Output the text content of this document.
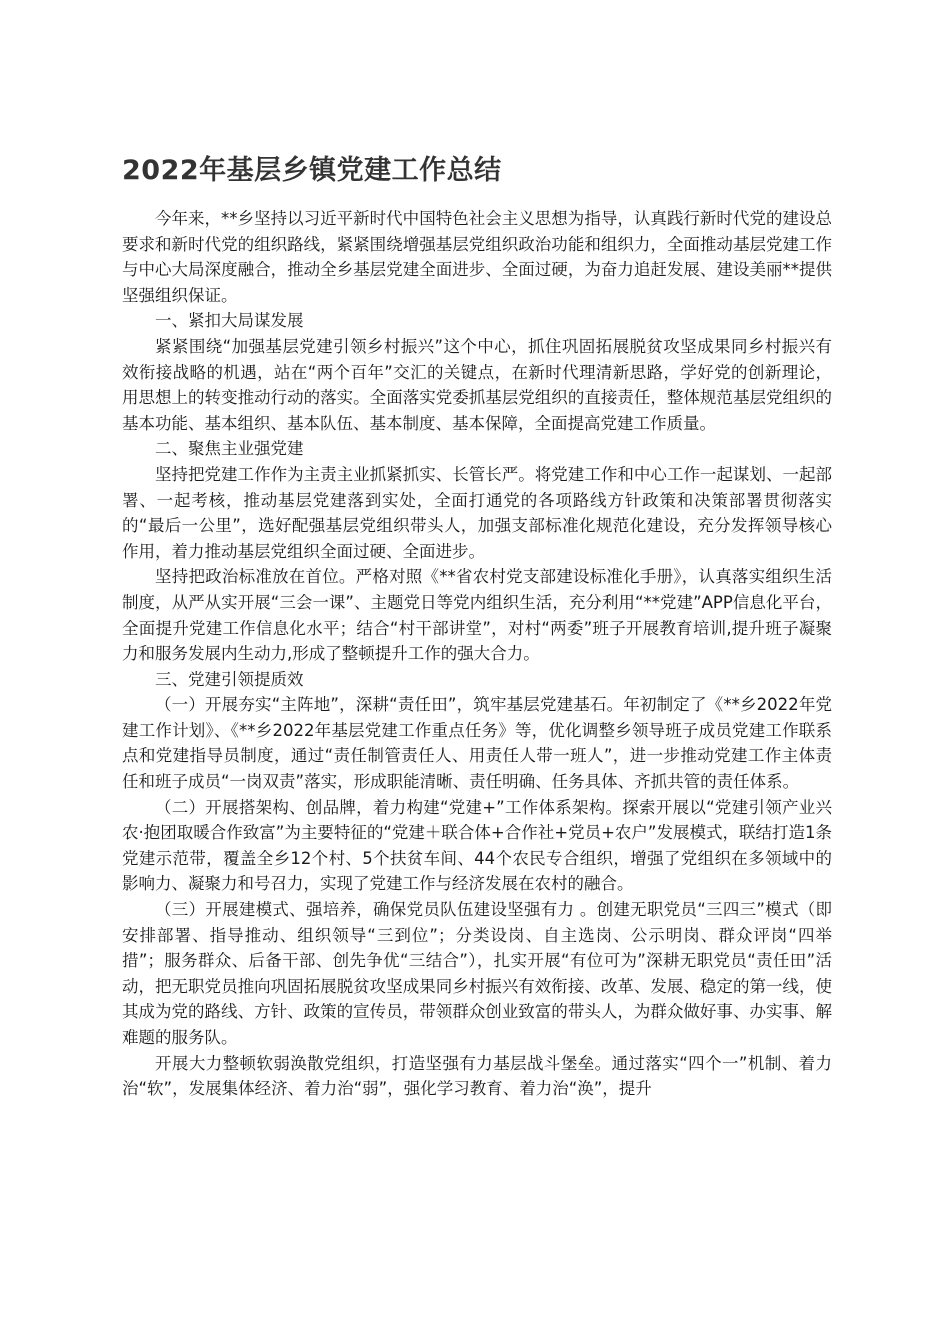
2022年基层乡镇党建工作总结

今年来，**乡坚持以习近平新时代中国特色社会主义思想为指导，认真践行新时代党的建设总要求和新时代党的组织路线，紧紧围绕增强基层党组织政治功能和组织力，全面推动基层党建工作与中心大局深度融合，推动全乡基层党建全面进步、全面过硬，为奋力追赶发展、建设美丽**提供坚强组织保证。

一、紧扣大局谋发展

紧紧围绕“加强基层党建引领乡村振兴”这个中心，抓住巩固拓展脱贫攻坚成果同乡村振兴有效衔接战略的机遇，站在“两个百年”交汇的关键点，在新时代理清新思路，学好党的创新理论，用思想上的转变推动行动的落实。全面落实党委抓基层党组织的直接责任，整体规范基层党组织的基本功能、基本组织、基本队伍、基本制度、基本保障，全面提高党建工作质量。

二、聚焦主业强党建

坚持把党建工作作为主责主业抓紧抓实、长管长严。将党建工作和中心工作一起谋划、一起部署、一起考核，推动基层党建落到实处，全面打通党的各项路线方针政策和决策部署贯彻落实的“最后一公里”，选好配强基层党组织带头人，加强支部标准化规范化建设，充分发挥领导核心作用，着力推动基层党组织全面过硬、全面进步。

坚持把政治标准放在首位。严格对照《**省农村党支部建设标准化手册》，认真落实组织生活制度，从严从实开展“三会一课”、主题党日等党内组织生活，充分利用“**党建”APP信息化平台，全面提升党建工作信息化水平；结合“村干部讲堂”，对村“两委”班子开展教育培训,提升班子凝聚力和服务发展内生动力,形成了整顿提升工作的强大合力。

三、党建引领提质效

（一）开展夯实“主阵地”，深耕“责任田”，筑牢基层党建基石。年初制定了《**乡2022年党建工作计划》、《**乡2022年基层党建工作重点任务》等，优化调整乡领导班子成员党建工作联系点和党建指导员制度，通过“责任制管责任人、用责任人带一班人”，进一步推动党建工作主体责任和班子成员“一岗双责”落实，形成职能清晰、责任明确、任务具体、齐抓共管的责任体系。

（二）开展搭架构、创品牌，着力构建“党建+”工作体系架构。探索开展以“党建引领产业兴农·抱团取暖合作致富”为主要特征的“党建＋联合体+合作社+党员+农户”发展模式，联结打造1条党建示范带，覆盖全乡12个村、5个扶贫车间、44个农民专合组织，增强了党组织在多领域中的影响力、凝聚力和号召力，实现了党建工作与经济发展在农村的融合。

（三）开展建模式、强培养，确保党员队伍建设坚强有力 。创建无职党员“三四三”模式（即安排部署、指导推动、组织领导“三到位”；分类设岗、自主选岗、公示明岗、群众评岗“四举措”；服务群众、后备干部、创先争优“三结合”），扎实开展“有位可为”深耕无职党员“责任田”活动，把无职党员推向巩固拓展脱贫攻坚成果同乡村振兴有效衔接、改革、发展、稳定的第一线，使其成为党的路线、方针、政策的宣传员，带领群众创业致富的带头人，为群众做好事、办实事、解难题的服务队。

开展大力整顿软弱涣散党组织，打造坚强有力基层战斗堡垒。通过落实“四个一”机制、着力治“软”，发展集体经济、着力治“弱”，强化学习教育、着力治“涣”，提升
